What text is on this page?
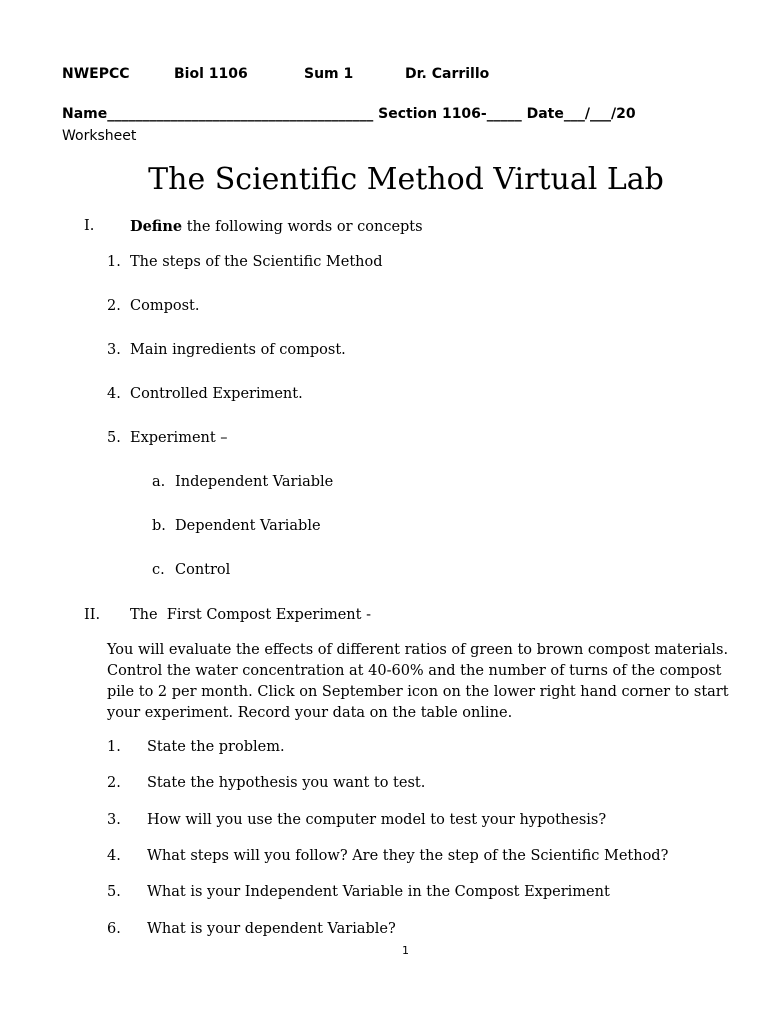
NWEPCC	Biol 1106	Sum 1	Dr. Carrillo
Name______________________________________ Section 1106-_____ Date___/___/20
Worksheet
The Scientific Method Virtual Lab
I. Define the following words or concepts
1. The steps of the Scientific Method
2. Compost.
3. Main ingredients of compost.
4. Controlled Experiment.
5. Experiment –
a. Independent Variable
b. Dependent Variable
c. Control
II. The  First Compost Experiment -
You will evaluate the effects of different ratios of green to brown compost materials. Control the water concentration at 40-60% and the number of turns of the compost pile to 2 per month. Click on September icon on the lower right hand corner to start your experiment. Record your data on the table online.
1. State the problem.
2. State the hypothesis you want to test.
3. How will you use the computer model to test your hypothesis?
4. What steps will you follow? Are they the step of the Scientific Method?
5. What is your Independent Variable in the Compost Experiment
6. What is your dependent Variable?
1
